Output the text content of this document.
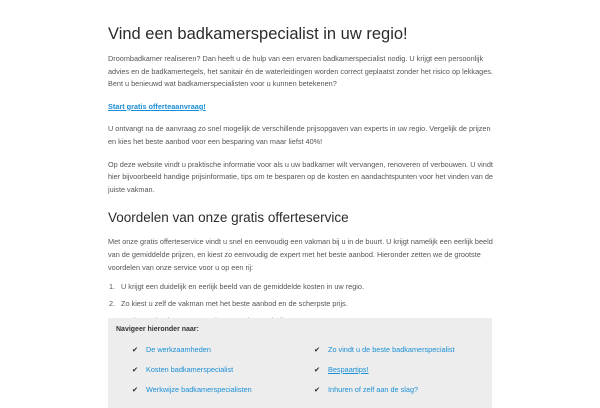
Vind een badkamerspecialist in uw regio!

Droombadkamer realiseren? Dan heeft u de hulp van een ervaren badkamerspecialist nodig. U krijgt een persoonlijk advies en de badkamertegels, het sanitair én de waterleidingen worden correct geplaatst zonder het risico op lekkages. Bent u benieuwd wat badkamerspecialisten voor u kunnen betekenen?

Start gratis offerteaanvraag!

U ontvangt na de aanvraag zo snel mogelijk de verschillende prijsopgaven van experts in uw regio. Vergelijk de prijzen en kies het beste aanbod voor een besparing van maar liefst 40%!

Op deze website vindt u praktische informatie voor als u uw badkamer wilt vervangen, renoveren of verbouwen. U vindt hier bijvoorbeeld handige prijsinformatie, tips om te besparen op de kosten en aandachtspunten voor het vinden van de juiste vakman.

Voordelen van onze gratis offerteservice

Met onze gratis offerteservice vindt u snel en eenvoudig een vakman bij u in de buurt. U krijgt namelijk een eerlijk beeld van de gemiddelde prijzen, en kiest zo eenvoudig de expert met het beste aanbod. Hieronder zetten we de grootste voordelen van onze service voor u op een rij:

1. U krijgt een duidelijk en eerlijk beeld van de gemiddelde kosten in uw regio.
2. Zo kiest u zelf de vakman met het beste aanbod en de scherpste prijs.
Navigeer hieronder naar:
✔ De werkzaamheden	✔ Zo vindt u de beste badkamerspecialist
✔ Kosten badkamerspecialist	✔ Bespaartips!
✔ Werkwijze badkamerspecialisten	✔ Inhuren of zelf aan de slag?
